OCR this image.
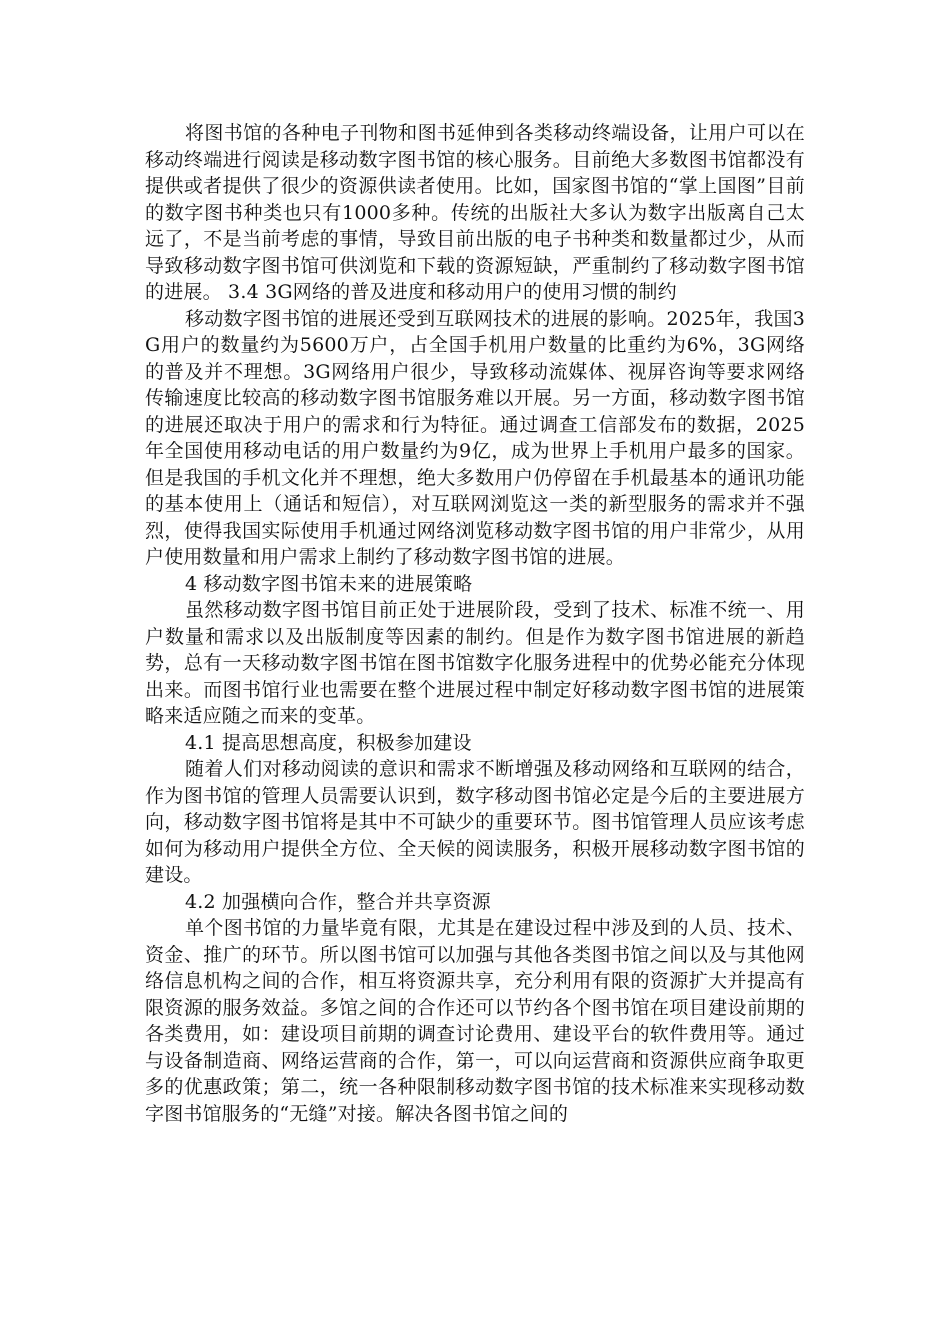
将图书馆的各种电子刊物和图书延伸到各类移动终端设备，让用户可以在移动终端进行阅读是移动数字图书馆的核心服务。目前绝大多数图书馆都没有提供或者提供了很少的资源供读者使用。比如，国家图书馆的“掌上国图”目前的数字图书种类也只有1000多种。传统的出版社大多认为数字出版离自己太远了，不是当前考虑的事情，导致目前出版的电子书种类和数量都过少，从而导致移动数字图书馆可供浏览和下载的资源短缺，严重制约了移动数字图书馆的进展。 3.4 3G网络的普及进度和移动用户的使用习惯的制约

移动数字图书馆的进展还受到互联网技术的进展的影响。2025年，我国3G用户的数量约为5600万户，占全国手机用户数量的比重约为6%，3G网络的普及并不理想。3G网络用户很少，导致移动流媒体、视屏咨询等要求网络传输速度比较高的移动数字图书馆服务难以开展。另一方面，移动数字图书馆的进展还取决于用户的需求和行为特征。通过调查工信部发布的数据，2025年全国使用移动电话的用户数量约为9亿，成为世界上手机用户最多的国家。但是我国的手机文化并不理想，绝大多数用户仍停留在手机最基本的通讯功能的基本使用上（通话和短信），对互联网浏览这一类的新型服务的需求并不强烈，使得我国实际使用手机通过网络浏览移动数字图书馆的用户非常少，从用户使用数量和用户需求上制约了移动数字图书馆的进展。

4 移动数字图书馆未来的进展策略

虽然移动数字图书馆目前正处于进展阶段，受到了技术、标准不统一、用户数量和需求以及出版制度等因素的制约。但是作为数字图书馆进展的新趋势，总有一天移动数字图书馆在图书馆数字化服务进程中的优势必能充分体现出来。而图书馆行业也需要在整个进展过程中制定好移动数字图书馆的进展策略来适应随之而来的变革。

4.1 提高思想高度，积极参加建设

随着人们对移动阅读的意识和需求不断增强及移动网络和互联网的结合，作为图书馆的管理人员需要认识到，数字移动图书馆必定是今后的主要进展方向，移动数字图书馆将是其中不可缺少的重要环节。图书馆管理人员应该考虑如何为移动用户提供全方位、全天候的阅读服务，积极开展移动数字图书馆的建设。

4.2 加强横向合作，整合并共享资源

单个图书馆的力量毕竟有限，尤其是在建设过程中涉及到的人员、技术、资金、推广的环节。所以图书馆可以加强与其他各类图书馆之间以及与其他网络信息机构之间的合作，相互将资源共享，充分利用有限的资源扩大并提高有限资源的服务效益。多馆之间的合作还可以节约各个图书馆在项目建设前期的各类费用，如：建设项目前期的调查讨论费用、建设平台的软件费用等。通过与设备制造商、网络运营商的合作，第一，可以向运营商和资源供应商争取更多的优惠政策；第二，统一各种限制移动数字图书馆的技术标准来实现移动数字图书馆服务的“无缝”对接。解决各图书馆之间的
